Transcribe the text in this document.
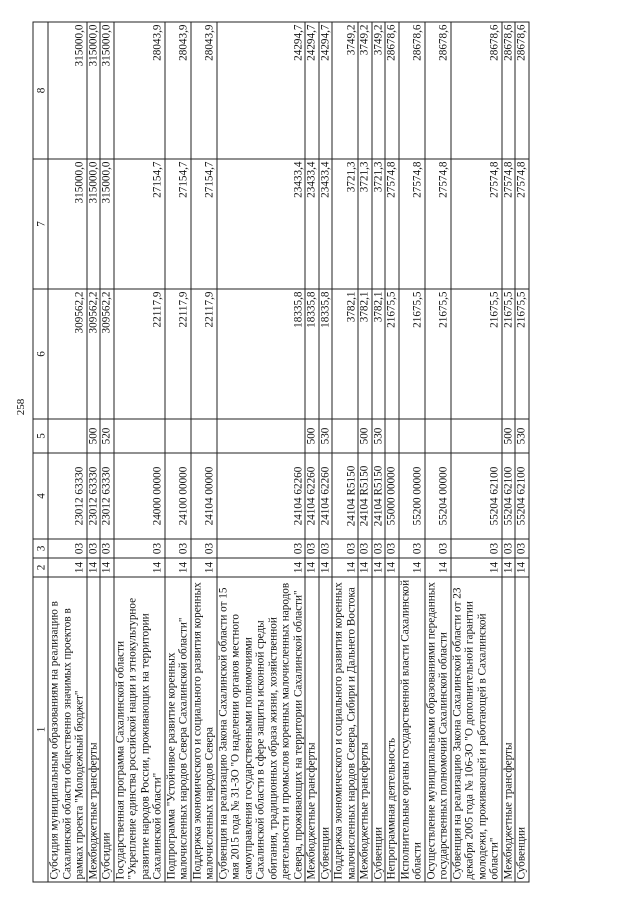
258
1	2	3	4	5	6	7	8
Субсидия муниципальным образованиям на реализацию в Сахалинской области общественно значимых проектов в рамках проекта "Молодежный бюджет"	14	03	23012 63330		309562,2	315000,0	315000,0
Межбюджетные трансферты	14	03	23012 63330	500	309562,2	315000,0	315000,0
Субсидии	14	03	23012 63330	520	309562,2	315000,0	315000,0
Государственная программа Сахалинской области "Укрепление единства российской нации и этнокультурное развитие народов России, проживающих на территории Сахалинской области"	14	03	24000 00000		22117,9	27154,7	28043,9
Подпрограмма "Устойчивое развитие коренных малочисленных народов Севера Сахалинской области"	14	03	24100 00000		22117,9	27154,7	28043,9
Поддержка экономического и социального развития коренных малочисленных народов Севера	14	03	24104 00000		22117,9	27154,7	28043,9
Субвенция на реализацию Закона Сахалинской области от 15 мая 2015 года № 31-ЗО "О наделении органов местного самоуправления государственными полномочиями Сахалинской области в сфере защиты исконной среды обитания, традиционных образа жизни, хозяйственной деятельности и промыслов коренных малочисленных народов Севера, проживающих на территории Сахалинской области"	14	03	24104 62260		18335,8	23433,4	24294,7
Межбюджетные трансферты	14	03	24104 62260	500	18335,8	23433,4	24294,7
Субвенции	14	03	24104 62260	530	18335,8	23433,4	24294,7
Поддержка экономического и социального развития коренных малочисленных народов Севера, Сибири и Дальнего Востока	14	03	24104 R5150		3782,1	3721,3	3749,2
Межбюджетные трансферты	14	03	24104 R5150	500	3782,1	3721,3	3749,2
Субвенции	14	03	24104 R5150	530	3782,1	3721,3	3749,2
Непрограммная деятельность	14	03	55000 00000		21675,5	27574,8	28678,6
Исполнительные органы государственной власти Сахалинской области	14	03	55200 00000		21675,5	27574,8	28678,6
Осуществление муниципальными образованиями переданных государственных полномочий Сахалинской области	14	03	55204 00000		21675,5	27574,8	28678,6
Субвенция на реализацию Закона Сахалинской области от 23 декабря 2005 года № 106-ЗО "О дополнительной гарантии молодежи, проживающей и работающей в Сахалинской области"	14	03	55204 62100		21675,5	27574,8	28678,6
Межбюджетные трансферты	14	03	55204 62100	500	21675,5	27574,8	28678,6
Субвенции	14	03	55204 62100	530	21675,5	27574,8	28678,6
